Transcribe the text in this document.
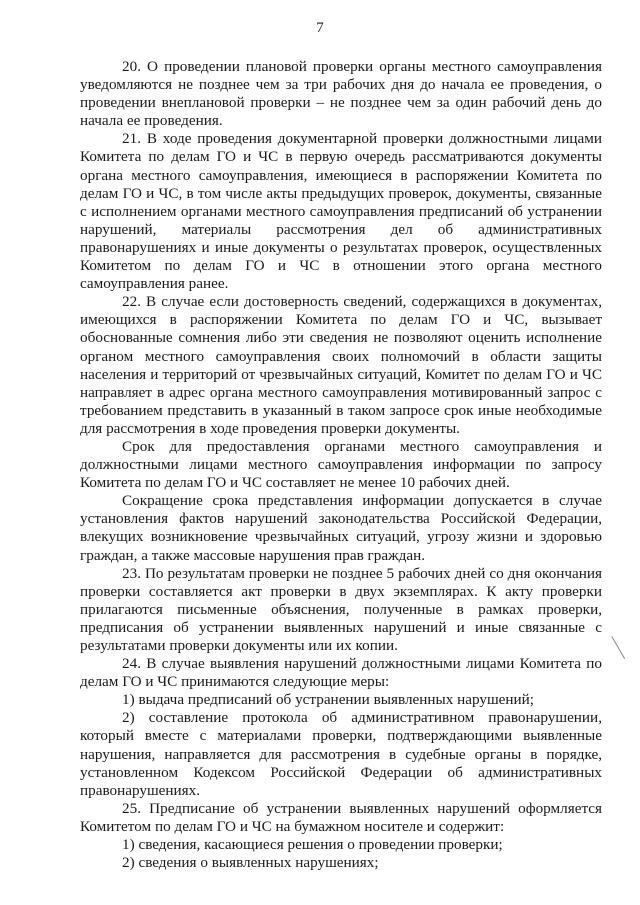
7

20. О проведении плановой проверки органы местного самоуправления уведомляются не позднее чем за три рабочих дня до начала ее проведения, о проведении внеплановой проверки – не позднее чем за один рабочий день до начала ее проведения.

21. В ходе проведения документарной проверки должностными лицами Комитета по делам ГО и ЧС в первую очередь рассматриваются документы органа местного самоуправления, имеющиеся в распоряжении Комитета по делам ГО и ЧС, в том числе акты предыдущих проверок, документы, связанные с исполнением органами местного самоуправления предписаний об устранении нарушений, материалы рассмотрения дел об административных правонарушениях и иные документы о результатах проверок, осуществленных Комитетом по делам ГО и ЧС в отношении этого органа местного самоуправления ранее.

22. В случае если достоверность сведений, содержащихся в документах, имеющихся в распоряжении Комитета по делам ГО и ЧС, вызывает обоснованные сомнения либо эти сведения не позволяют оценить исполнение органом местного самоуправления своих полномочий в области защиты населения и территорий от чрезвычайных ситуаций, Комитет по делам ГО и ЧС направляет в адрес органа местного самоуправления мотивированный запрос с требованием представить в указанный в таком запросе срок иные необходимые для рассмотрения в ходе проведения проверки документы.

Срок для предоставления органами местного самоуправления и должностными лицами местного самоуправления информации по запросу Комитета по делам ГО и ЧС составляет не менее 10 рабочих дней.

Сокращение срока представления информации допускается в случае установления фактов нарушений законодательства Российской Федерации, влекущих возникновение чрезвычайных ситуаций, угрозу жизни и здоровью граждан, а также массовые нарушения прав граждан.

23. По результатам проверки не позднее 5 рабочих дней со дня окончания проверки составляется акт проверки в двух экземплярах. К акту проверки прилагаются письменные объяснения, полученные в рамках проверки, предписания об устранении выявленных нарушений и иные связанные с результатами проверки документы или их копии.

24. В случае выявления нарушений должностными лицами Комитета по делам ГО и ЧС принимаются следующие меры:

1) выдача предписаний об устранении выявленных нарушений;

2) составление протокола об административном правонарушении, который вместе с материалами проверки, подтверждающими выявленные нарушения, направляется для рассмотрения в судебные органы в порядке, установленном Кодексом Российской Федерации об административных правонарушениях.

25. Предписание об устранении выявленных нарушений оформляется Комитетом по делам ГО и ЧС на бумажном носителе и содержит:

1) сведения, касающиеся решения о проведении проверки;

2) сведения о выявленных нарушениях;
